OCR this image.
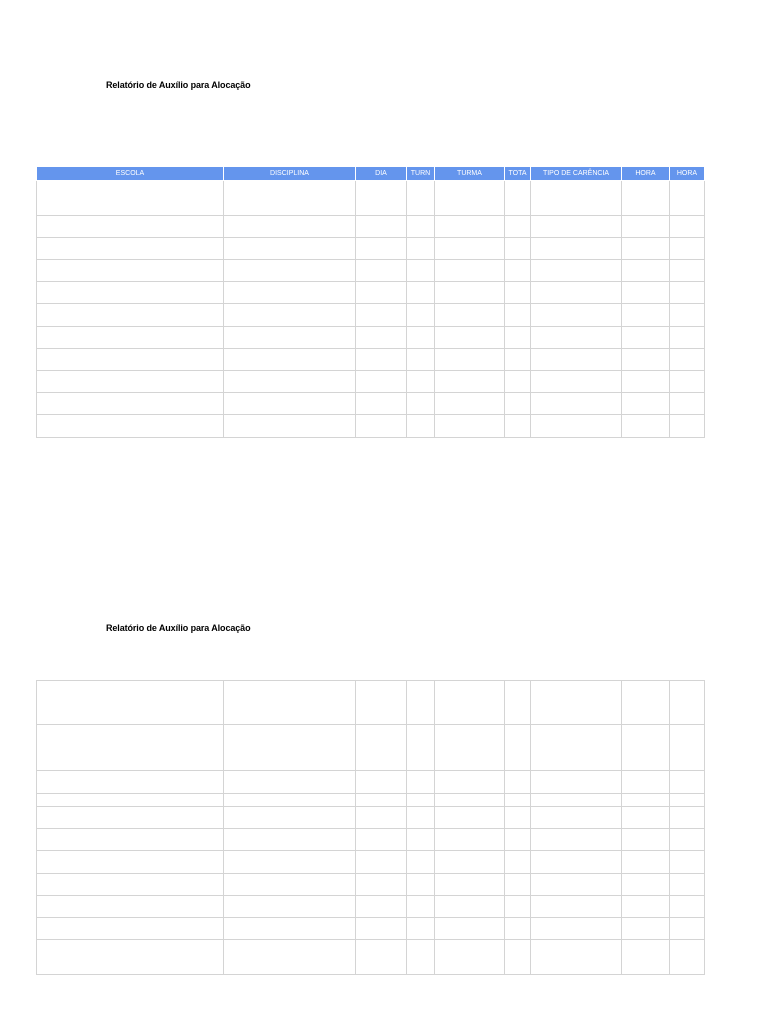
Relatório de Auxílio para Alocação
ESCOLA	DISCIPLINA	DIA	TURN	TURMA	TOTA	TIPO DE CARÊNCIA	HORA	HORA

Relatório de Auxílio para Alocação
